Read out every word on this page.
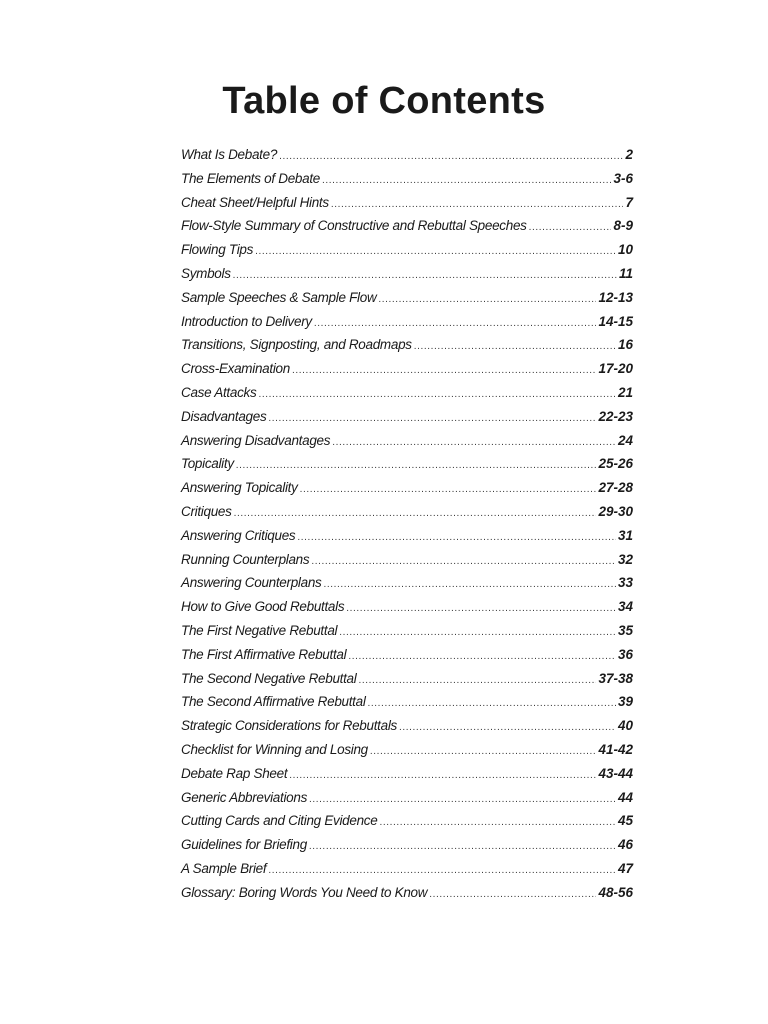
Table of Contents
What Is Debate? .....	2
The Elements of Debate .....	3-6
Cheat Sheet/Helpful Hints .....	7
Flow-Style Summary of Constructive and Rebuttal Speeches .....	8-9
Flowing Tips .....	10
Symbols .....	11
Sample Speeches & Sample Flow .....	12-13
Introduction to Delivery .....	14-15
Transitions, Signposting, and Roadmaps .....	16
Cross-Examination .....	17-20
Case Attacks .....	21
Disadvantages .....	22-23
Answering Disadvantages .....	24
Topicality .....	25-26
Answering Topicality .....	27-28
Critiques .....	29-30
Answering Critiques .....	31
Running Counterplans .....	32
Answering Counterplans .....	33
How to Give Good Rebuttals .....	34
The First Negative Rebuttal .....	35
The First Affirmative Rebuttal .....	36
The Second Negative Rebuttal .....	37-38
The Second Affirmative Rebuttal .....	39
Strategic Considerations for Rebuttals .....	40
Checklist for Winning and Losing .....	41-42
Debate Rap Sheet .....	43-44
Generic Abbreviations .....	44
Cutting Cards and Citing Evidence .....	45
Guidelines for Briefing .....	46
A Sample Brief .....	47
Glossary: Boring Words You Need to Know .....	48-56
